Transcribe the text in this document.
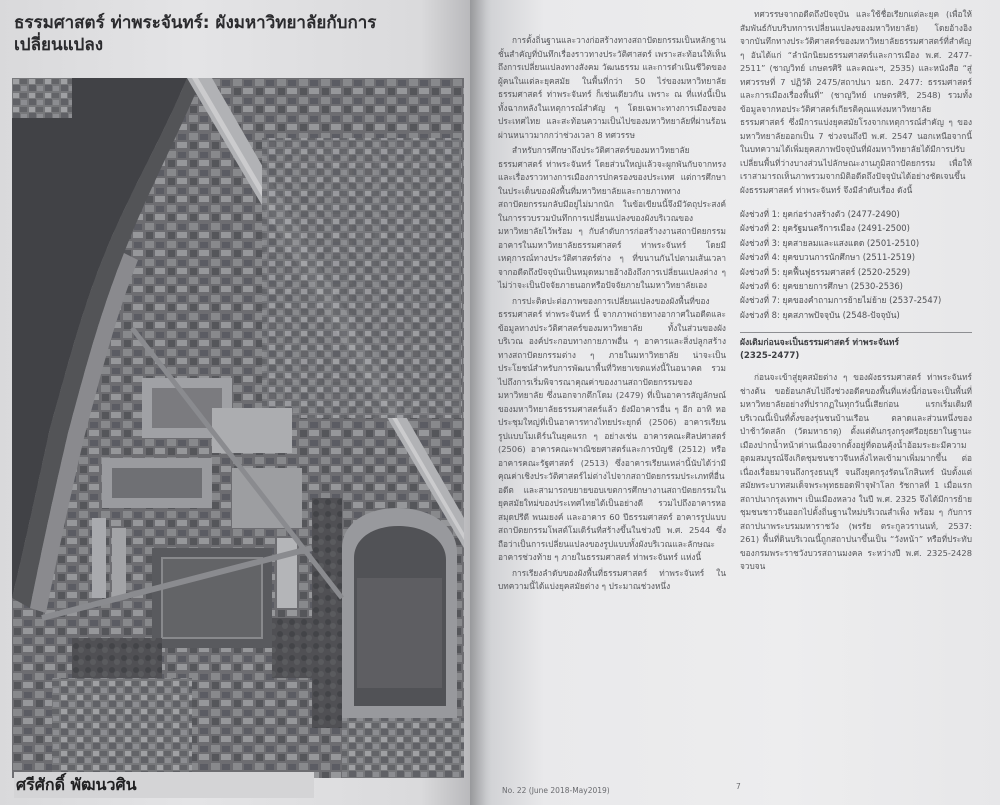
ธรรมศาสตร์ ท่าพระจันทร์: ผังมหาวิทยาลัยกับการเปลี่ยนแปลง
ศรีศักดิ์ พัฒนวศิน

การตั้งถิ่นฐานและวางก่อสร้างทางสถาปัตยกรรมเป็นหลักฐานชั้นสำคัญที่บันทึกเรื่องราวทางประวัติศาสตร์ เพราะสะท้อนให้เห็นถึงการเปลี่ยนแปลงทางสังคม วัฒนธรรม และการดำเนินชีวิตของผู้คนในแต่ละยุคสมัย ในพื้นที่กว่า 50 ไร่ของมหาวิทยาลัยธรรมศาสตร์ ท่าพระจันทร์ ก็เช่นเดียวกัน เพราะ ณ ที่แห่งนี้เป็นทั้งฉากหลังในเหตุการณ์สำคัญ ๆ โดยเฉพาะทางการเมืองของประเทศไทย และสะท้อนความเป็นไปของมหาวิทยาลัยที่ผ่านร้อนผ่านหนาวมากกว่าช่วงเวลา 8 ทศวรรษ

สำหรับการศึกษาถึงประวัติศาสตร์ของมหาวิทยาลัยธรรมศาสตร์ ท่าพระจันทร์ โดยส่วนใหญ่แล้วจะผูกพันกับจากทรงและเรื่องราวทางการเมืองการปกครองของประเทศ แต่การศึกษาในประเด็นของผังพื้นที่มหาวิทยาลัยและกายภาพทางสถาปัตยกรรมกลับมีอยู่ไม่มากนัก ในข้อเขียนนี้จึงมีวัตถุประสงค์ในการรวบรวมบันทึกการเปลี่ยนแปลงของผังบริเวณของมหาวิทยาลัยไว้พร้อม ๆ กับลำดับการก่อสร้างงานสถาปัตยกรรมอาคารในมหาวิทยาลัยธรรมศาสตร์ ท่าพระจันทร์ โดยมีเหตุการณ์ทางประวัติศาสตร์ต่าง ๆ ที่ขนานกันไปตามเส้นเวลาจากอดีตถึงปัจจุบันเป็นหมุดหมายอ้างอิงถึงการเปลี่ยนแปลงต่าง ๆ ไม่ว่าจะเป็นปัจจัยภายนอกหรือปัจจัยภายในมหาวิทยาลัยเอง

การปะติดปะต่อภาพของการเปลี่ยนแปลงของผังพื้นที่ของธรรมศาสตร์ ท่าพระจันทร์ นี้ จากภาพถ่ายทางอากาศในอดีตและข้อมูลทางประวัติศาสตร์ของมหาวิทยาลัย ทั้งในส่วนของผังบริเวณ องค์ประกอบทางกายภาพอื่น ๆ อาคารและสิ่งปลูกสร้างทางสถาปัตยกรรมต่าง ๆ ภายในมหาวิทยาลัย น่าจะเป็นประโยชน์สำหรับการพัฒนาพื้นที่วิทยาเขตแห่งนี้ในอนาคต รวมไปถึงการเริ่มพิจารณาคุณค่าของงานสถาปัตยกรรมของมหาวิทยาลัย ซึ่งนอกจากตึกโดม (2479) ที่เป็นอาคารสัญลักษณ์ของมหาวิทยาลัยธรรมศาสตร์แล้ว ยังมีอาคารอื่น ๆ อีก อาทิ หอประชุมใหญ่ที่เป็นอาคารทางไทยประยุกต์ (2506) อาคารเรียนรูปแบบโมเดิร์นในยุคแรก ๆ อย่างเช่น อาคารคณะศิลปศาสตร์ (2506) อาคารคณะพาณิชยศาสตร์และการบัญชี (2512) หรืออาคารคณะรัฐศาสตร์ (2513) ซึ่งอาคารเรียนเหล่านี้นับได้ว่ามีคุณค่าเชิงประวัติศาสตร์ไม่ต่างไปจากสถาปัตยกรรมประเภทที่อื่นอดีต และสามารถขยายขอบเขตการศึกษางานสถาปัตยกรรมในยุคสมัยใหม่ของประเทศไทยได้เป็นอย่างดี รวมไปถึงอาคารหอสมุดปรีดี พนมยงค์ และอาคาร 60 ปีธรรมศาสตร์ อาคารรูปแบบสถาปัตยกรรมโพสต์โมเดิร์นที่สร้างขึ้นในช่วงปี พ.ศ. 2544 ซึ่งถือว่าเป็นการเปลี่ยนแปลงของรูปแบบทั้งผังบริเวณและลักษณะอาคารช่วงท้าย ๆ ภายในธรรมศาสตร์ ท่าพระจันทร์ แห่งนี้

การเรียงลำดับของผังพื้นที่ธรรมศาสตร์ ท่าพระจันทร์ ในบทความนี้ได้แบ่งยุคสมัยต่าง ๆ ประมาณช่วงหนึ่ง

ทศวรรษจากอดีตถึงปัจจุบัน และใช้ชื่อเรียกแต่ละยุค (เพื่อให้สัมพันธ์กับบริบทการเปลี่ยนแปลงของมหาวิทยาลัย) โดยอ้างอิงจากบันทึกทางประวัติศาสตร์ของมหาวิทยาลัยธรรมศาสตร์ที่สำคัญ ๆ อันได้แก่ “ลำนักนิยมธรรมศาสตร์และการเมือง พ.ศ. 2477-2511” (ชาญวิทย์ เกษตรศิริ และคณะฯ, 2535) และหนังสือ “สู่ทศวรรษที่ 7 ปฏิวัติ 2475/สถาปนา มธก. 2477: ธรรมศาสตร์และการเมืองเรื่องพื้นที่” (ชาญวิทย์ เกษตรศิริ, 2548) รวมทั้งข้อมูลจากหอประวัติศาสตร์เกียรติคุณแห่งมหาวิทยาลัยธรรมศาสตร์ ซึ่งมีการแบ่งยุคสมัยโรงจากเหตุการณ์สำคัญ ๆ ของมหาวิทยาลัยออกเป็น 7 ช่วงจนถึงปี พ.ศ. 2547 นอกเหนือจากนี้ ในบทความได้เพิ่มยุคสภาพปัจจุบันที่ผังมหาวิทยาลัยได้มีการปรับเปลี่ยนพื้นที่ว่างบางส่วนไปลักษณะงานภูมิสถาปัตยกรรม เพื่อให้เราสามารถเห็นภาพรวมจากมิติอดีตถึงปัจจุบันได้อย่างชัดเจนขึ้น ผังธรรมศาสตร์ ท่าพระจันทร์ จึงมีลำดับเรื่อง ดังนี้

ผังช่วงที่ 1: ยุคก่อร่างสร้างตัว (2477-2490)
ผังช่วงที่ 2: ยุครัฐมนตรีการเมือง (2491-2500)
ผังช่วงที่ 3: ยุคสายลมและแสงแดด (2501-2510)
ผังช่วงที่ 4: ยุคขบวนการนักศึกษา (2511-2519)
ผังช่วงที่ 5: ยุคฟื้นฟูธรรมศาสตร์ (2520-2529)
ผังช่วงที่ 6: ยุคขยายการศึกษา (2530-2536)
ผังช่วงที่ 7: ยุคของคำถามการย้ายไม่ย้าย (2537-2547)
ผังช่วงที่ 8: ยุคสภาพปัจจุบัน (2548-ปัจจุบัน)
ผังเดิมก่อนจะเป็นธรรมศาสตร์ ท่าพระจันทร์
(2325-2477)

ก่อนจะเข้าสู่ยุคสมัยต่าง ๆ ของผังธรรมศาสตร์ ท่าพระจันทร์ ช่างต้น ขอย้อนกลับไปถึงช่วงอดีตของพื้นที่แห่งนี้ก่อนจะเป็นพื้นที่มหาวิทยาลัยอย่างที่ปรากฏในทุกวันนี้เสียก่อน แรกเริ่มเดิมทีบริเวณนี้เป็นที่ตั้งของรุ่นชนบ้านเรือน ตลาดและส่วนหนึ่งของป่าช้าวัดสลัก (วัดมหาธาตุ) ตั้งแต่ต้นกรุงกรุงศรีอยุธยาในฐานะเมืองปากน้ำหน้าด่านเนื่องจากตั้งอยู่ที่ตอนคุ้งน้ำอ้อมระยะมีความอุดมสมบูรณ์จึงเกิดชุมชนชาวจีนหลั่งไหลเข้ามาเพิ่มมากขึ้น ต่อเนื่องเรื่อยมาจนถึงกรุงธนบุรี จนถึงยุคกรุงรัตนโกสินทร์ นับตั้งแต่สมัยพระบาทสมเด็จพระพุทธยอดฟ้าจุฬาโลก รัชกาลที่ 1 เมื่อแรกสถาปนากรุงเทพฯ เป็นเมืองหลวง ในปี พ.ศ. 2325 จึงได้มีการย้ายชุมชนชาวจีนออกไปตั้งถิ่นฐานใหม่บริเวณสำเพ็ง พร้อม ๆ กับการสถาปนาพระบรมมหาราชวัง (พรรัย ตระกูลวรานนท์, 2537: 261) พื้นที่ดินบริเวณนี้ถูกสถาปนาขึ้นเป็น “วังหน้า” หรือที่ประทับของกรมพระราชวังบวรสถานมงคล ระหว่างปี พ.ศ. 2325-2428 จวบจน

No. 22 (June 2018-May2019)	7
